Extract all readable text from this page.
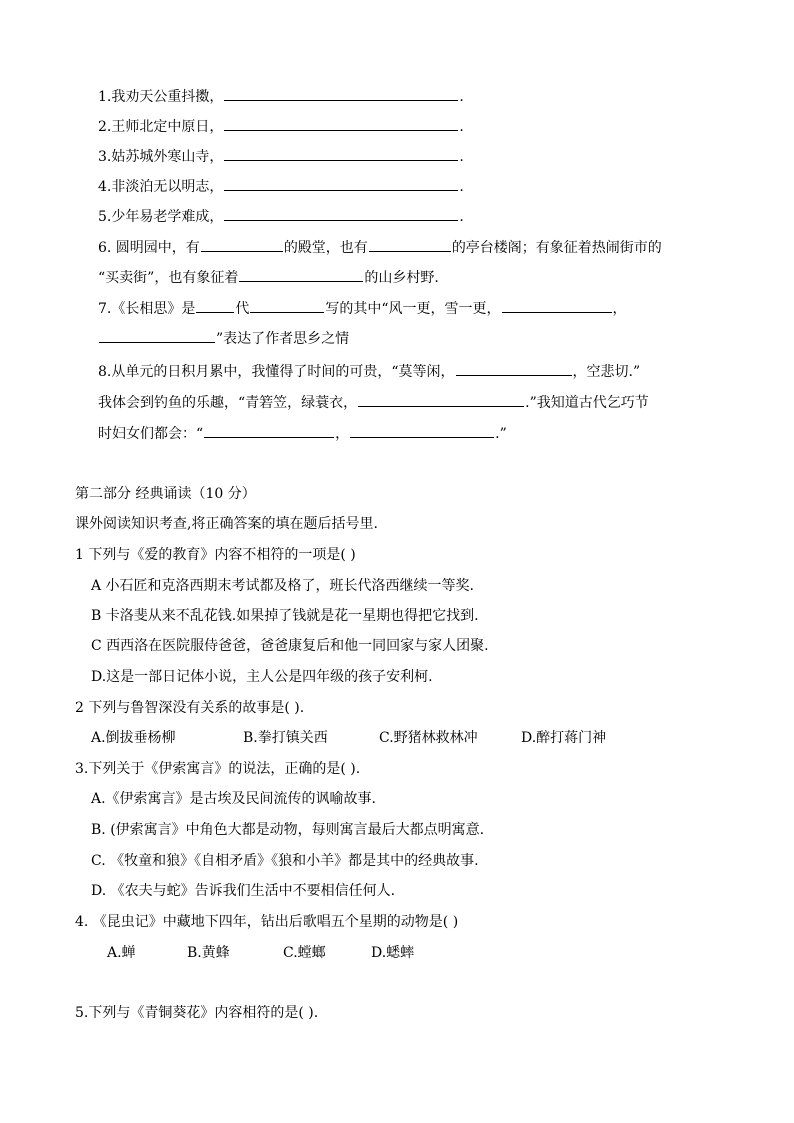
1.我劝天公重抖擞，	.
2.王师北定中原日，	.
3.姑苏城外寒山寺，	.
4.非淡泊无以明志，	.
5.少年易老学难成，	.
6. 圆明园中，有	的殿堂，也有	的亭台楼阁；有象征着热闹街市的
“买卖街”，也有象征着	的山乡村野.
7.《长相思》是	代	写的其中“风一更，雪一更，	，
”表达了作者思乡之情
8.从单元的日积月累中，我懂得了时间的可贵，“莫等闲，	，空悲切.”
我体会到钓鱼的乐趣，“青箬笠，绿蓑衣，	.”我知道古代乞巧节
时妇女们都会：“	，	.”
第二部分 经典诵读（10 分）
课外阅读知识考查,将正确答案的填在题后括号里.
1 下列与《爱的教育》内容不相符的一项是( )
A 小石匠和克洛西期末考试都及格了，班长代洛西继续一等奖.
B 卡洛斐从来不乱花钱.如果掉了钱就是花一星期也得把它找到.
C 西西洛在医院服侍爸爸，爸爸康复后和他一同回家与家人团聚.
D.这是一部日记体小说，主人公是四年级的孩子安利柯.
2 下列与鲁智深没有关系的故事是( ).
A.倒拔垂杨柳	B.拳打镇关西	C.野猪林救林冲	D.醉打蒋门神
3.下列关于《伊索寓言》的说法，正确的是( ).
A.《伊索寓言》是古埃及民间流传的讽喻故事.
B. (伊索寓言》中角色大都是动物，每则寓言最后大都点明寓意.
C. 《牧童和狼》《自相矛盾》《狼和小羊》都是其中的经典故事.
D. 《农夫与蛇》告诉我们生活中不要相信任何人.
4. 《昆虫记》中藏地下四年，钻出后歌唱五个星期的动物是( )
A.蝉	B.黄蜂	C.螳螂	D.蟋蟀
5.下列与《青铜葵花》内容相符的是( ).
